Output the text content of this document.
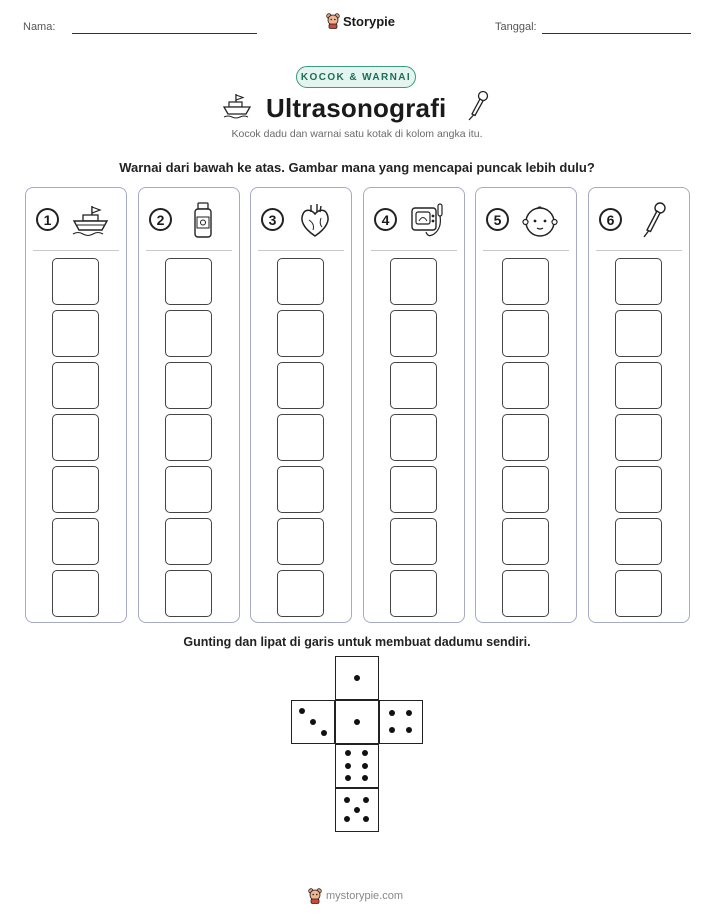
Nama:	Storypie	Tanggal:
KOCOK & WARNAI
Ultrasonografi
Kocok dadu dan warnai satu kotak di kolom angka itu.
Warnai dari bawah ke atas. Gambar mana yang mencapai puncak lebih dulu?
1	2	3	4	5	6
Gunting dan lipat di garis untuk membuat dadumu sendiri.
mystorypie.com
